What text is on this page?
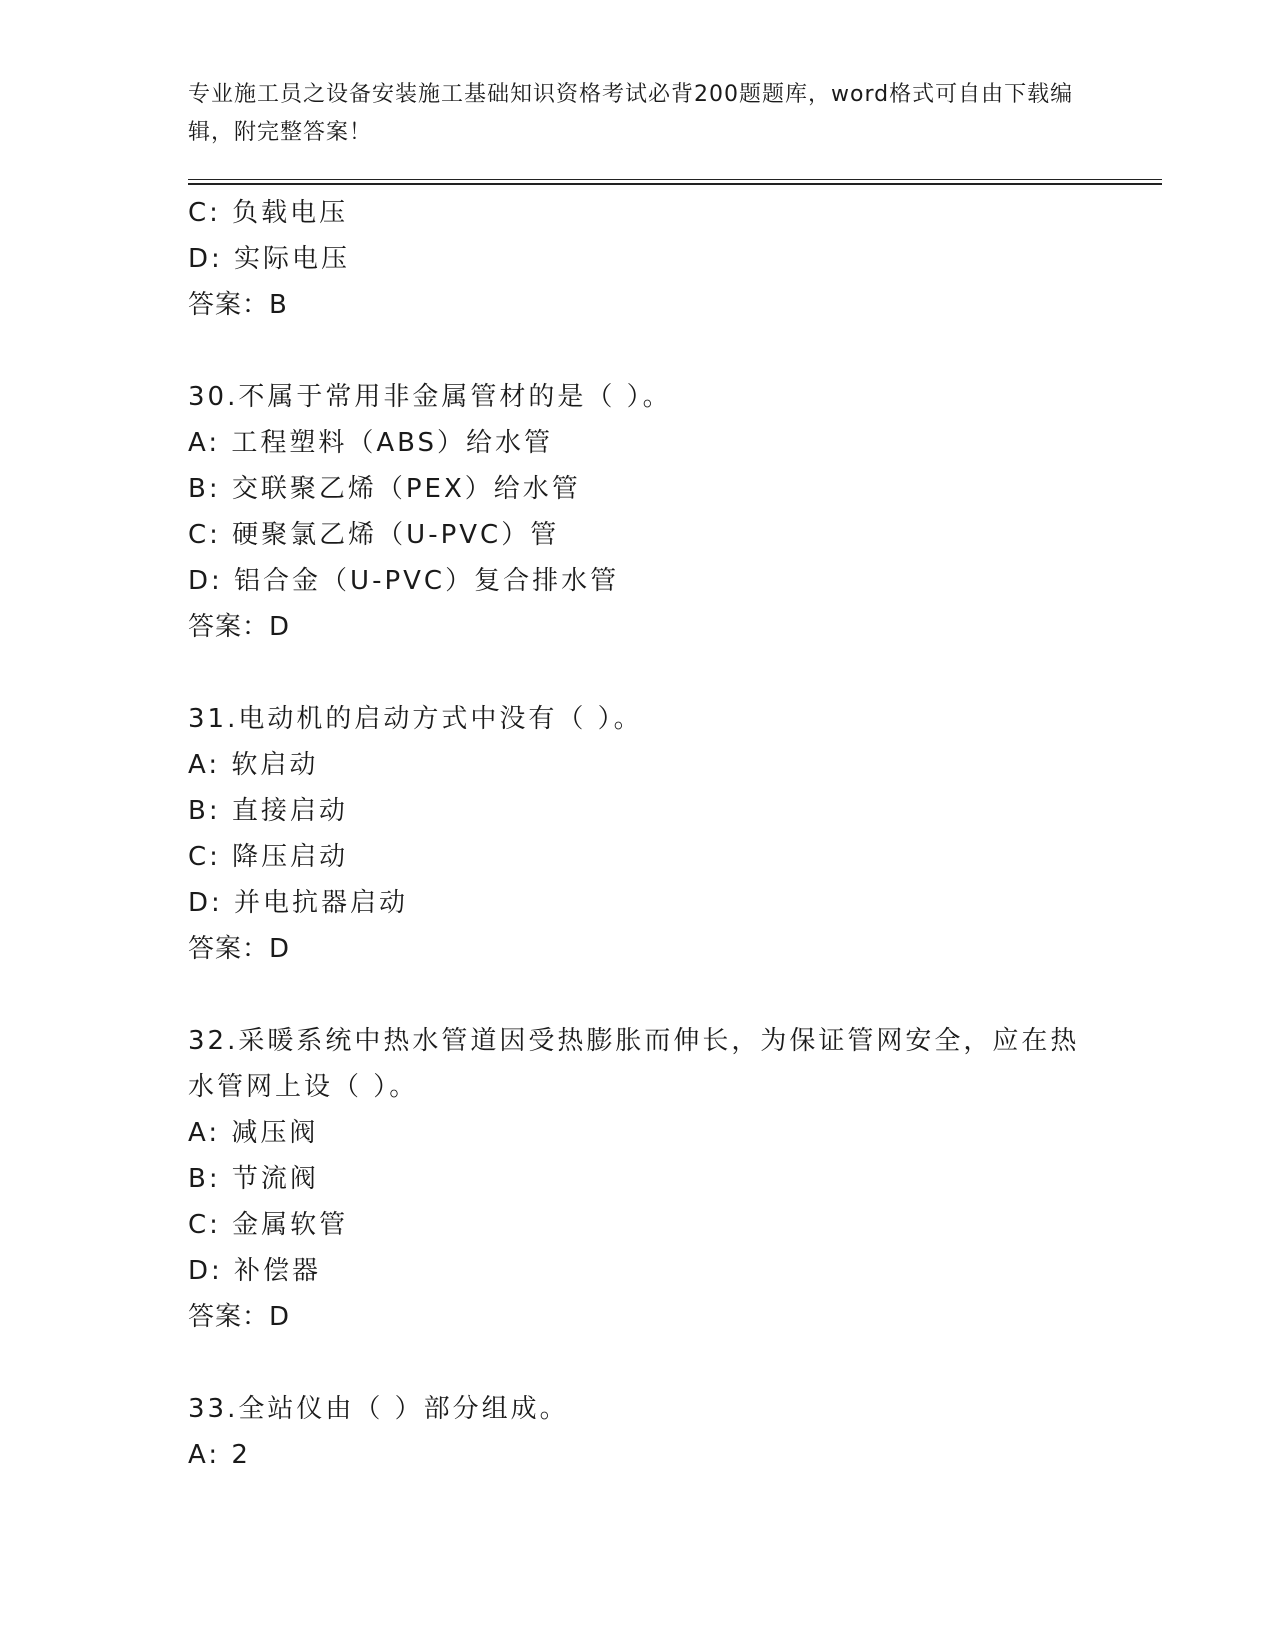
专业施工员之设备安装施工基础知识资格考试必背200题题库，word格式可自由下载编辑，附完整答案！
C: 负载电压
D: 实际电压
答案：B
30.不属于常用非金属管材的是（ ）。
A: 工程塑料（ABS）给水管
B: 交联聚乙烯（PEX）给水管
C: 硬聚氯乙烯（U-PVC）管
D: 铝合金（U-PVC）复合排水管
答案：D
31.电动机的启动方式中没有（ ）。
A: 软启动
B: 直接启动
C: 降压启动
D: 并电抗器启动
答案：D
32.采暖系统中热水管道因受热膨胀而伸长，为保证管网安全，应在热水管网上设（ ）。
A: 减压阀
B: 节流阀
C: 金属软管
D: 补偿器
答案：D
33.全站仪由（ ）部分组成。
A: 2
